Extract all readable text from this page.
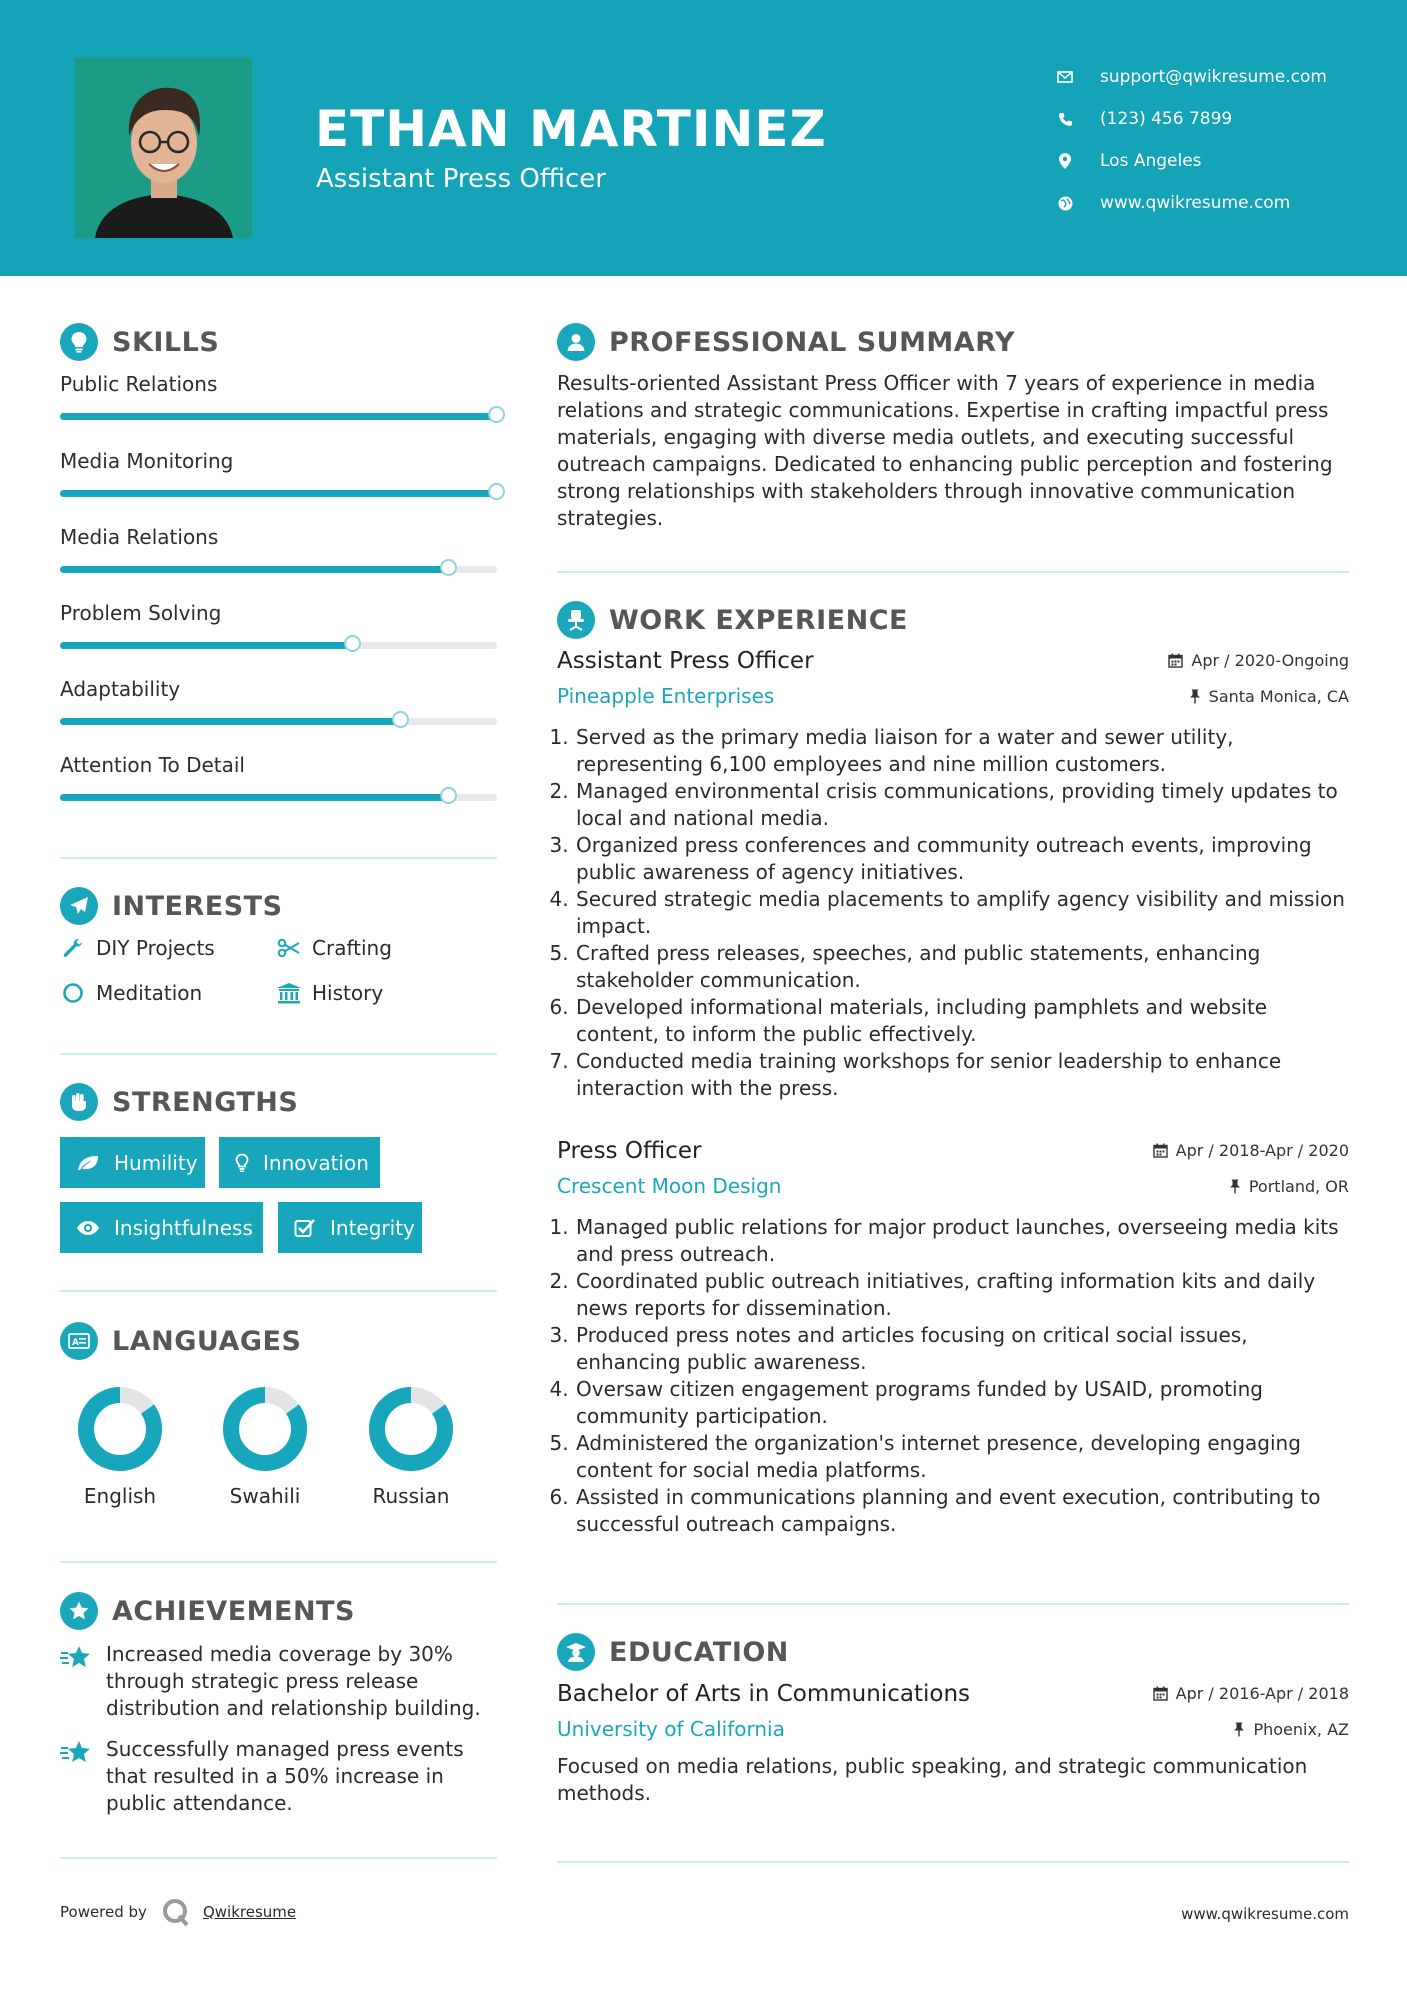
ETHAN MARTINEZ
Assistant Press Officer
support@qwikresume.com
(123) 456 7899
Los Angeles
www.qwikresume.com
SKILLS
Public Relations
Media Monitoring
Media Relations
Problem Solving
Adaptability
Attention To Detail
INTERESTS
DIY Projects	Crafting
Meditation	History
STRENGTHS
Humility	Innovation
Insightfulness	Integrity
A LANGUAGES
English	Swahili	Russian
ACHIEVEMENTS
Increased media coverage by 30% through strategic press release distribution and relationship building.
Successfully managed press events that resulted in a 50% increase in public attendance.
PROFESSIONAL SUMMARY
Results-oriented Assistant Press Officer with 7 years of experience in media relations and strategic communications. Expertise in crafting impactful press materials, engaging with diverse media outlets, and executing successful outreach campaigns. Dedicated to enhancing public perception and fostering strong relationships with stakeholders through innovative communication strategies.
WORK EXPERIENCE
Assistant Press Officer	Apr / 2020-Ongoing
Pineapple Enterprises	Santa Monica, CA
1. Served as the primary media liaison for a water and sewer utility, representing 6,100 employees and nine million customers.
2. Managed environmental crisis communications, providing timely updates to local and national media.
3. Organized press conferences and community outreach events, improving public awareness of agency initiatives.
4. Secured strategic media placements to amplify agency visibility and mission impact.
5. Crafted press releases, speeches, and public statements, enhancing stakeholder communication.
6. Developed informational materials, including pamphlets and website content, to inform the public effectively.
7. Conducted media training workshops for senior leadership to enhance interaction with the press.
Press Officer	Apr / 2018-Apr / 2020
Crescent Moon Design	Portland, OR
1. Managed public relations for major product launches, overseeing media kits and press outreach.
2. Coordinated public outreach initiatives, crafting information kits and daily news reports for dissemination.
3. Produced press notes and articles focusing on critical social issues, enhancing public awareness.
4. Oversaw citizen engagement programs funded by USAID, promoting community participation.
5. Administered the organization's internet presence, developing engaging content for social media platforms.
6. Assisted in communications planning and event execution, contributing to successful outreach campaigns.
EDUCATION
Bachelor of Arts in Communications	Apr / 2016-Apr / 2018
University of California	Phoenix, AZ
Focused on media relations, public speaking, and strategic communication methods.
Powered by	Qwikresume	www.qwikresume.com
